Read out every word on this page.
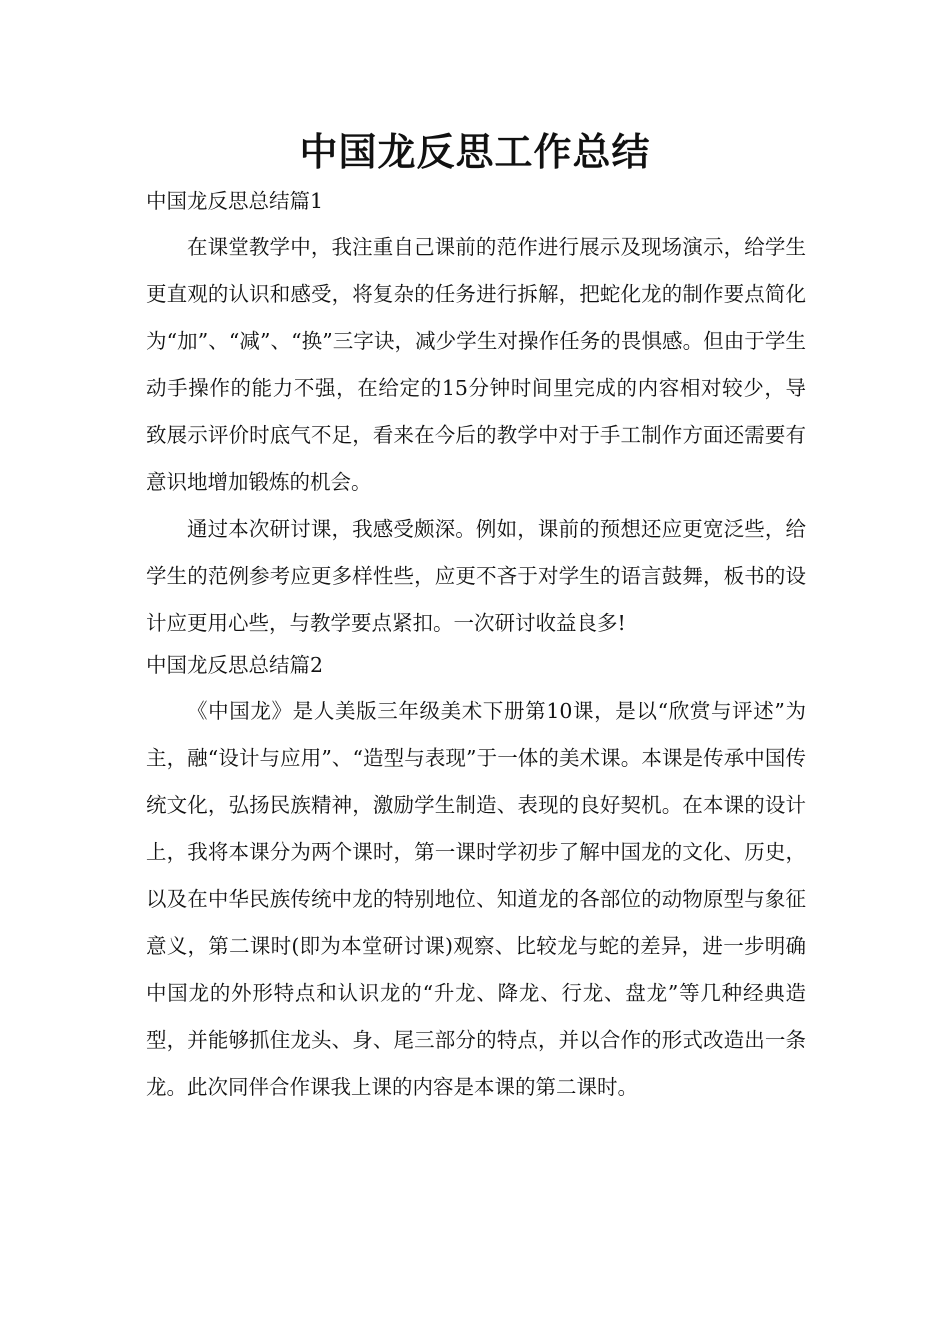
中国龙反思工作总结

中国龙反思总结篇1

在课堂教学中，我注重自己课前的范作进行展示及现场演示，给学生更直观的认识和感受，将复杂的任务进行拆解，把蛇化龙的制作要点简化为“加”、“减”、“换”三字诀，减少学生对操作任务的畏惧感。但由于学生动手操作的能力不强，在给定的15分钟时间里完成的内容相对较少，导致展示评价时底气不足，看来在今后的教学中对于手工制作方面还需要有意识地增加锻炼的机会。

通过本次研讨课，我感受颇深。例如，课前的预想还应更宽泛些，给学生的范例参考应更多样性些，应更不吝于对学生的语言鼓舞，板书的设计应更用心些，与教学要点紧扣。一次研讨收益良多!

中国龙反思总结篇2

《中国龙》是人美版三年级美术下册第10课，是以“欣赏与评述”为主，融“设计与应用”、“造型与表现”于一体的美术课。本课是传承中国传统文化，弘扬民族精神，激励学生制造、表现的良好契机。在本课的设计上，我将本课分为两个课时，第一课时学初步了解中国龙的文化、历史，以及在中华民族传统中龙的特别地位、知道龙的各部位的动物原型与象征意义，第二课时(即为本堂研讨课)观察、比较龙与蛇的差异，进一步明确中国龙的外形特点和认识龙的“升龙、降龙、行龙、盘龙”等几种经典造型，并能够抓住龙头、身、尾三部分的特点，并以合作的形式改造出一条龙。此次同伴合作课我上课的内容是本课的第二课时。
